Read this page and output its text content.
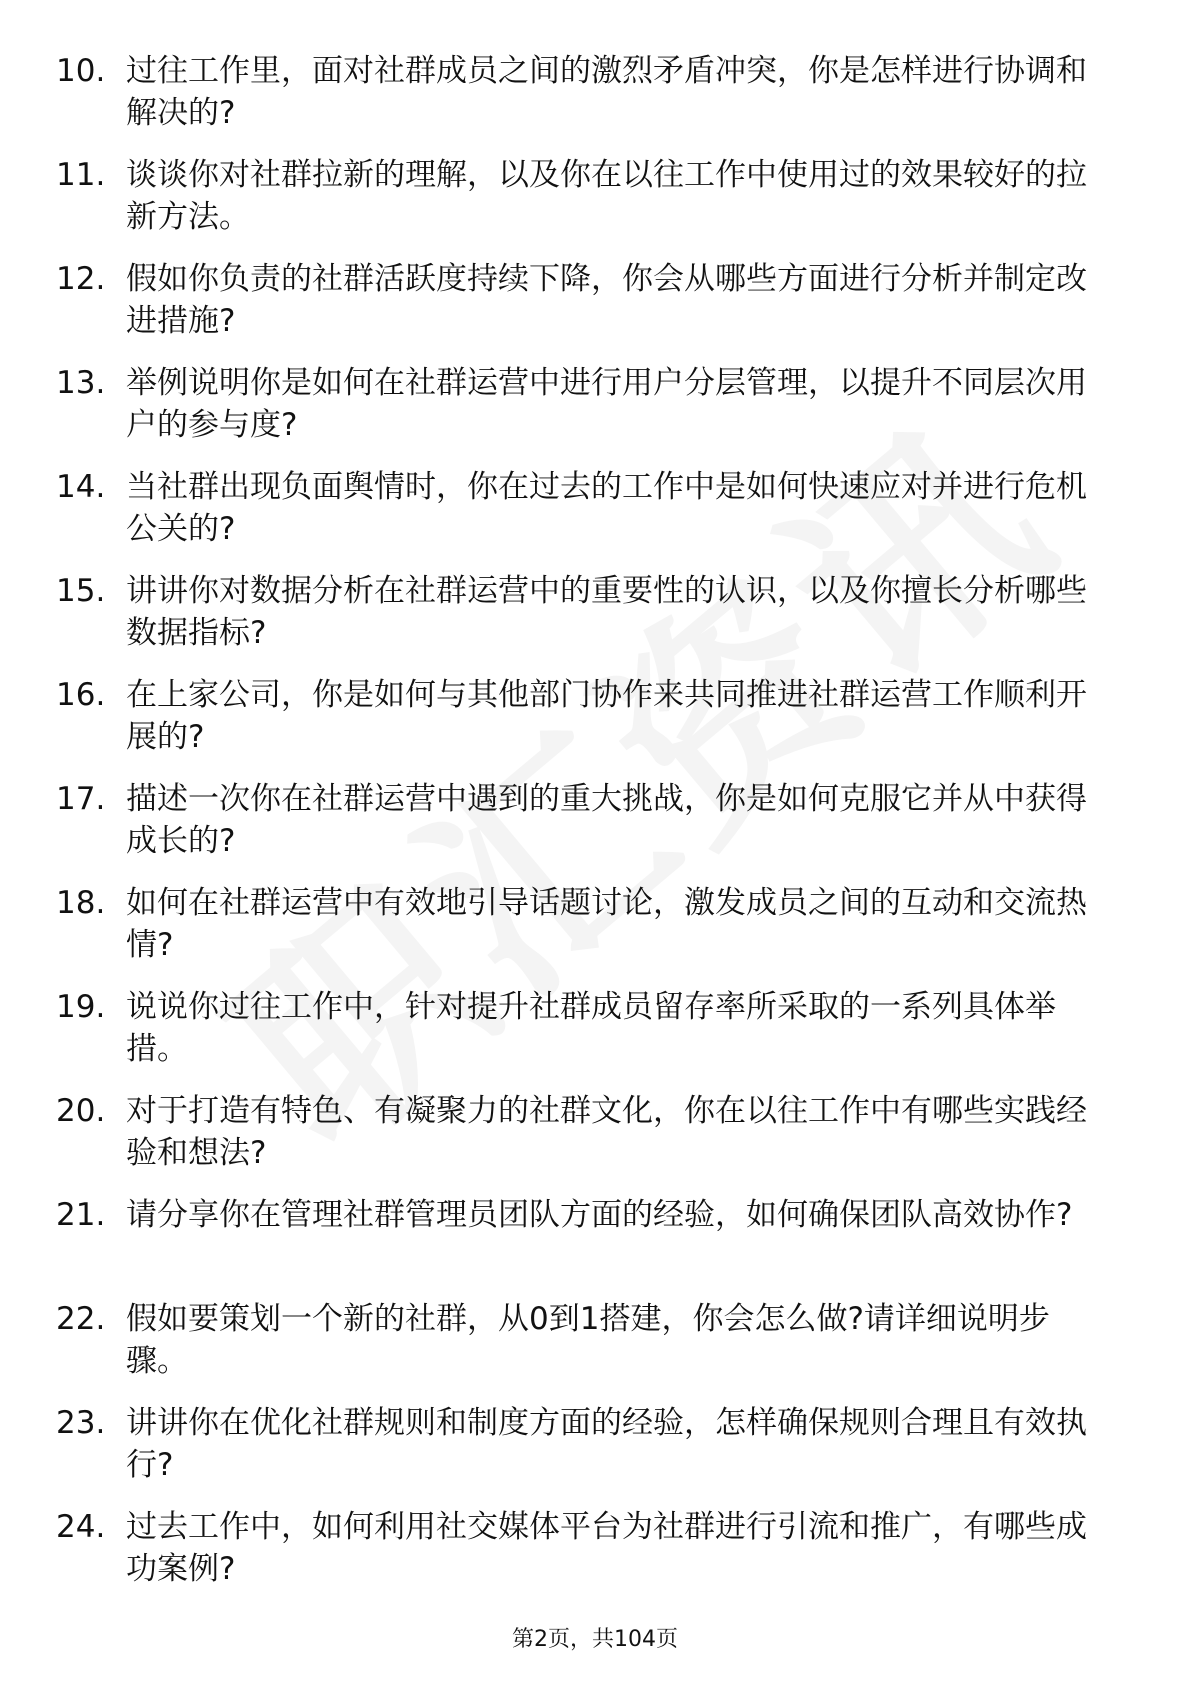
10. 过往工作里，面对社群成员之间的激烈矛盾冲突，你是怎样进行协调和解决的?
11. 谈谈你对社群拉新的理解，以及你在以往工作中使用过的效果较好的拉新方法。
12. 假如你负责的社群活跃度持续下降，你会从哪些方面进行分析并制定改进措施?
13. 举例说明你是如何在社群运营中进行用户分层管理，以提升不同层次用户的参与度?
14. 当社群出现负面舆情时，你在过去的工作中是如何快速应对并进行危机公关的?
15. 讲讲你对数据分析在社群运营中的重要性的认识，以及你擅长分析哪些数据指标?
16. 在上家公司，你是如何与其他部门协作来共同推进社群运营工作顺利开展的?
17. 描述一次你在社群运营中遇到的重大挑战，你是如何克服它并从中获得成长的?
18. 如何在社群运营中有效地引导话题讨论，激发成员之间的互动和交流热情?
19. 说说你过往工作中，针对提升社群成员留存率所采取的一系列具体举措。
20. 对于打造有特色、有凝聚力的社群文化，你在以往工作中有哪些实践经验和想法?
21. 请分享你在管理社群管理员团队方面的经验，如何确保团队高效协作?
22. 假如要策划一个新的社群，从0到1搭建，你会怎么做?请详细说明步骤。
23. 讲讲你在优化社群规则和制度方面的经验，怎样确保规则合理且有效执行?
24. 过去工作中，如何利用社交媒体平台为社群进行引流和推广，有哪些成功案例?
第2页，共104页
